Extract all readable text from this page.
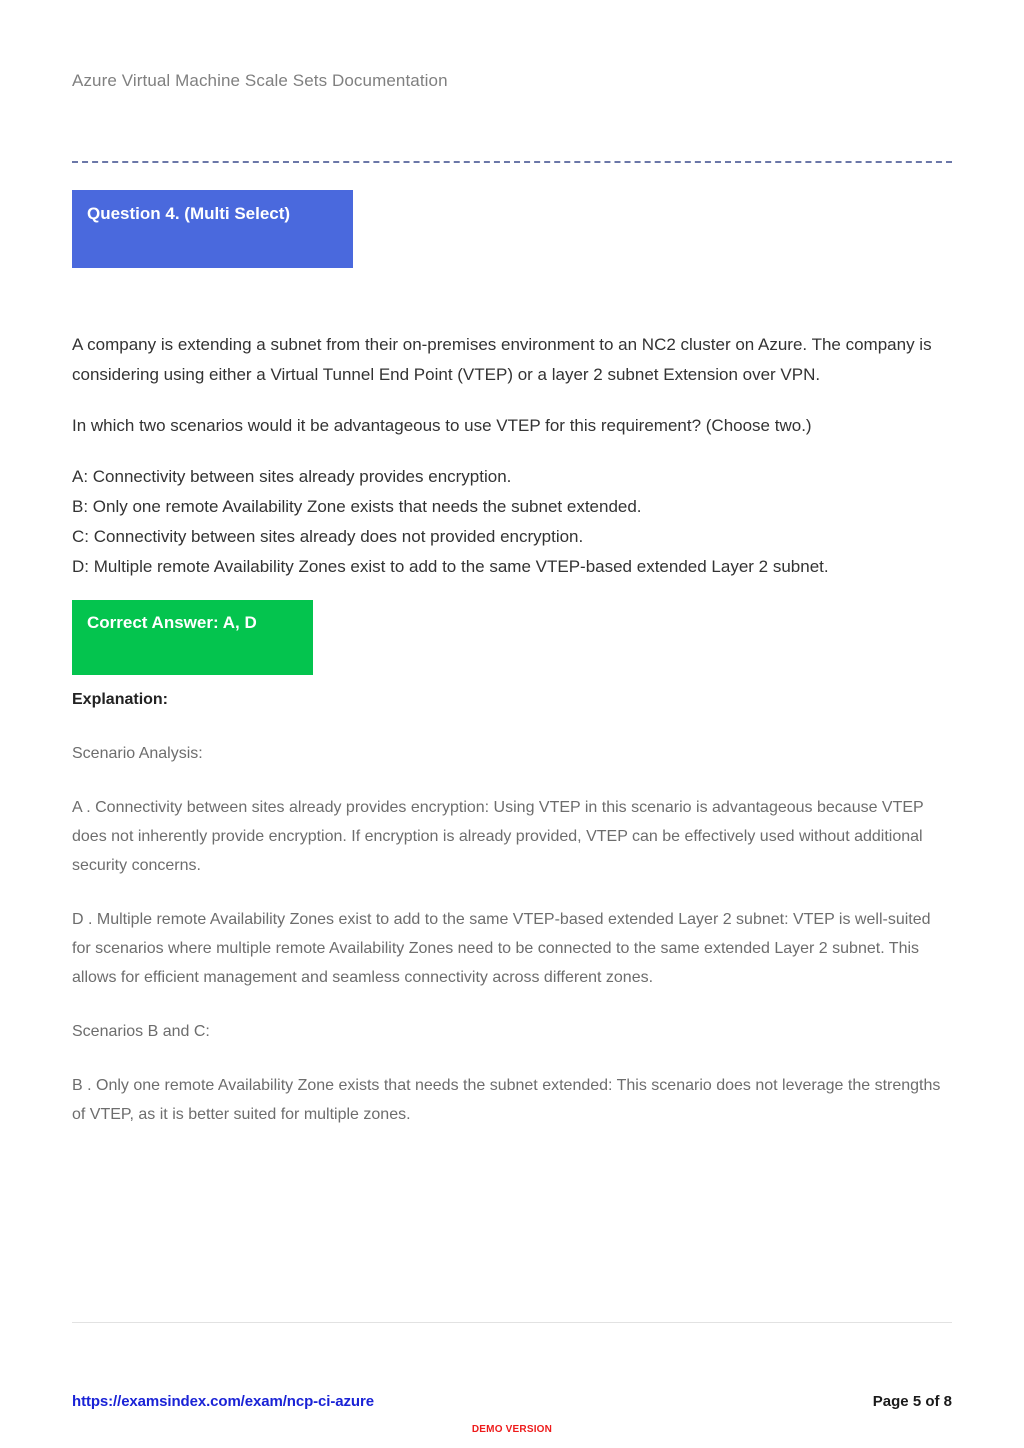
Azure Virtual Machine Scale Sets Documentation
Question 4. (Multi Select)

A company is extending a subnet from their on-premises environment to an NC2 cluster on Azure. The company is considering using either a Virtual Tunnel End Point (VTEP) or a layer 2 subnet Extension over VPN.

In which two scenarios would it be advantageous to use VTEP for this requirement? (Choose two.)

A: Connectivity between sites already provides encryption.
B: Only one remote Availability Zone exists that needs the subnet extended.
C: Connectivity between sites already does not provided encryption.
D: Multiple remote Availability Zones exist to add to the same VTEP-based extended Layer 2 subnet.
Correct Answer: A, D

Explanation:

Scenario Analysis:

A . Connectivity between sites already provides encryption: Using VTEP in this scenario is advantageous because VTEP does not inherently provide encryption. If encryption is already provided, VTEP can be effectively used without additional security concerns.

D . Multiple remote Availability Zones exist to add to the same VTEP-based extended Layer 2 subnet: VTEP is well-suited for scenarios where multiple remote Availability Zones need to be connected to the same extended Layer 2 subnet. This allows for efficient management and seamless connectivity across different zones.

Scenarios B and C:

B . Only one remote Availability Zone exists that needs the subnet extended: This scenario does not leverage the strengths of VTEP, as it is better suited for multiple zones.

https://examsindex.com/exam/ncp-ci-azure	Page 5 of 8
DEMO VERSION
